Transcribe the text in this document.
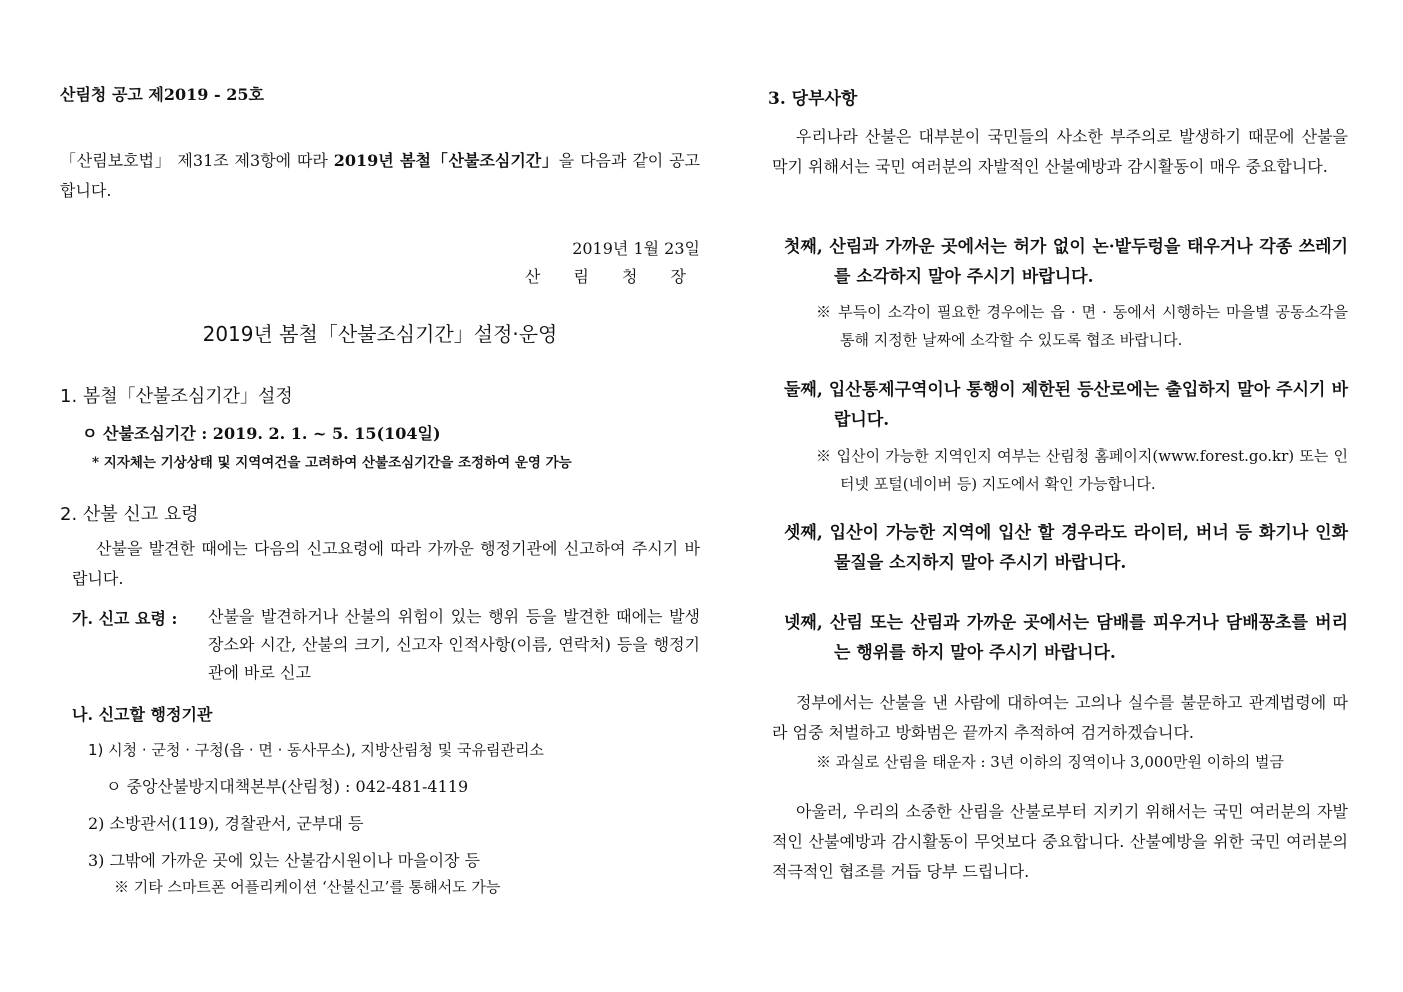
산림청 공고 제2019 - 25호
「산림보호법」 제31조 제3항에 따라 2019년 봄철「산불조심기간」을 다음과 같이 공고합니다.
2019년 1월 23일
산 림 청 장
2019년 봄철「산불조심기간」설정·운영
1. 봄철「산불조심기간」설정
ㅇ 산불조심기간 : 2019. 2. 1. ~ 5. 15(104일)
* 지자체는 기상상태 및 지역여건을 고려하여 산불조심기간을 조정하여 운영 가능
2. 산불 신고 요령
산불을 발견한 때에는 다음의 신고요령에 따라 가까운 행정기관에 신고하여 주시기 바랍니다.
가. 신고 요령 :	산불을 발견하거나 산불의 위험이 있는 행위 등을 발견한 때에는 발생 장소와 시간, 산불의 크기, 신고자 인적사항(이름, 연락처) 등을 행정기관에 바로 신고
나. 신고할 행정기관
1) 시청 · 군청 · 구청(읍 · 면 · 동사무소), 지방산림청 및 국유림관리소
ㅇ 중앙산불방지대책본부(산림청) : 042-481-4119
2) 소방관서(119), 경찰관서, 군부대 등
3) 그밖에 가까운 곳에 있는 산불감시원이나 마을이장 등
※ 기타 스마트폰 어플리케이션 ‘산불신고’를 통해서도 가능
3. 당부사항
우리나라 산불은 대부분이 국민들의 사소한 부주의로 발생하기 때문에 산불을 막기 위해서는 국민 여러분의 자발적인 산불예방과 감시활동이 매우 중요합니다.
첫째, 산림과 가까운 곳에서는 허가 없이 논·밭두렁을 태우거나 각종 쓰레기를 소각하지 말아 주시기 바랍니다.
※ 부득이 소각이 필요한 경우에는 읍 · 면 · 동에서 시행하는 마을별 공동소각을 통해 지정한 날짜에 소각할 수 있도록 협조 바랍니다.
둘째, 입산통제구역이나 통행이 제한된 등산로에는 출입하지 말아 주시기 바랍니다.
※ 입산이 가능한 지역인지 여부는 산림청 홈페이지(www.forest.go.kr) 또는 인터넷 포털(네이버 등) 지도에서 확인 가능합니다.
셋째, 입산이 가능한 지역에 입산 할 경우라도 라이터, 버너 등 화기나 인화물질을 소지하지 말아 주시기 바랍니다.
넷째, 산림 또는 산림과 가까운 곳에서는 담배를 피우거나 담배꽁초를 버리는 행위를 하지 말아 주시기 바랍니다.
정부에서는 산불을 낸 사람에 대하여는 고의나 실수를 불문하고 관계법령에 따라 엄중 처벌하고 방화범은 끝까지 추적하여 검거하겠습니다.
※ 과실로 산림을 태운자 : 3년 이하의 징역이나 3,000만원 이하의 벌금
아울러, 우리의 소중한 산림을 산불로부터 지키기 위해서는 국민 여러분의 자발적인 산불예방과 감시활동이 무엇보다 중요합니다. 산불예방을 위한 국민 여러분의 적극적인 협조를 거듭 당부 드립니다.
